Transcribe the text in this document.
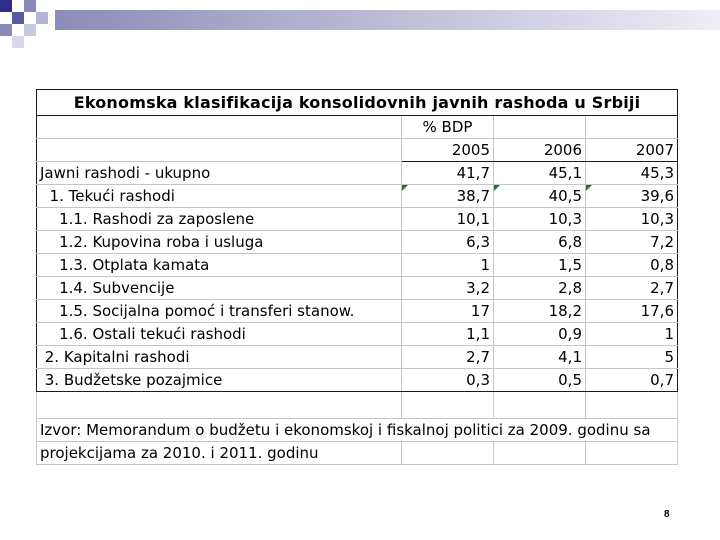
Ekonomska klasifikacija konsolidovnih javnih rashoda u Srbiji			
	% BDP		
	2005	2006	2007
Jawni rashodi - ukupno	41,7	45,1	45,3
1. Tekući rashodi	38,7	40,5	39,6
1.1. Rashodi za zaposlene	10,1	10,3	10,3
1.2. Kupovina roba i usluga	6,3	6,8	7,2
1.3. Otplata kamata	1	1,5	0,8
1.4. Subvencije	3,2	2,8	2,7
1.5. Socijalna pomoć i transferi stanow.	17	18,2	17,6
1.6. Ostali tekući rashodi	1,1	0,9	1
2. Kapitalni rashodi	2,7	4,1	5
3. Budžetske pozajmice	0,3	0,5	0,7

Izvor: Memorandum o budžetu i ekonomskoj i fiskalnoj politici za 2009. godinu sa			
projekcijama za 2010. i 2011. godinu			
8
